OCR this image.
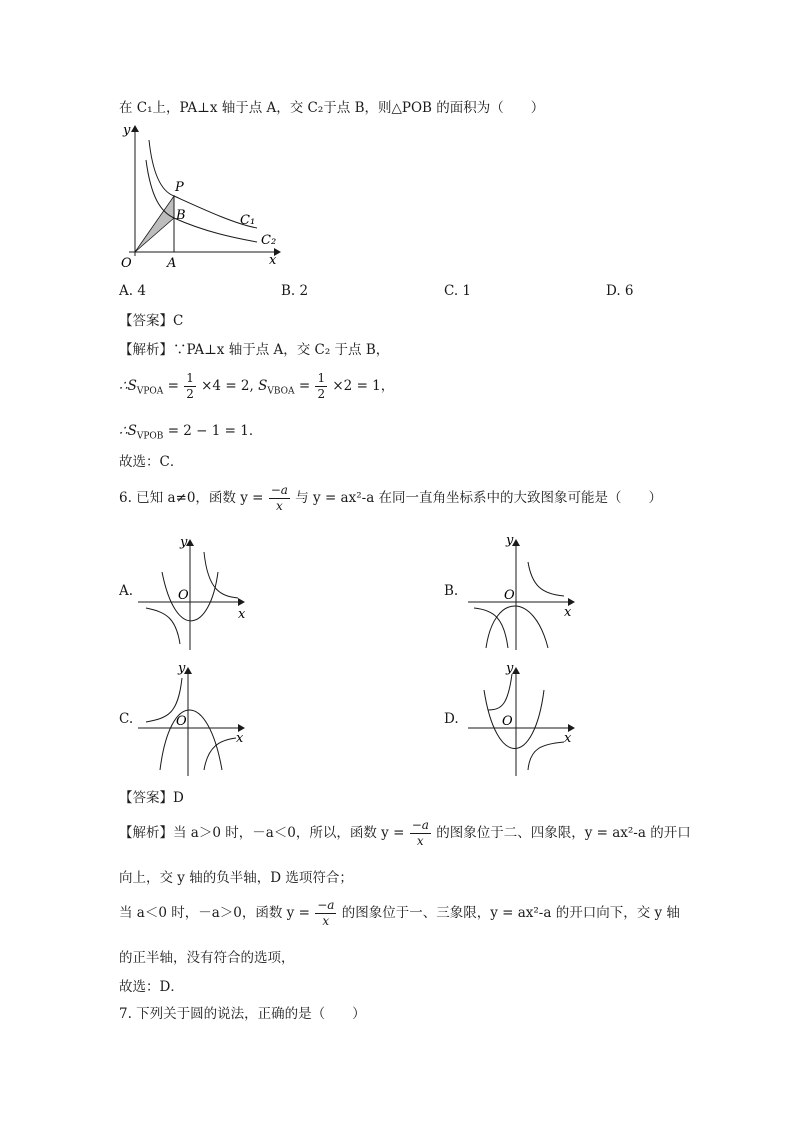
在 C₁上，PA⊥x 轴于点 A，交 C₂于点 B，则△POB 的面积为（　　）
y
x
O
P
B
A
C₁
C₂
A. 4	B. 2	C. 1	D. 6
【答案】C
【解析】∵PA⊥x 轴于点 A，交 C₂ 于点 B，
$\therefore S_{VPOA} = \frac{1}{2} \times 4 = 2$, $S_{VBOA} = \frac{1}{2} \times 2 = 1$，
$\therefore S_{VPOB} = 2 - 1 = 1$．
故选：C．
6. 已知 a≠0，函数 $y = \frac{-a}{x}$ 与 y = ax²-a 在同一直角坐标系中的大致图象可能是（　　）
A.
y
x
O	B.
y
x
O
C.
y
x
O	D.
y
x
O
【答案】D
【解析】当 a＞0 时，－a＜0，所以，函数 $y = \frac{-a}{x}$ 的图象位于二、四象限，y = ax²-a 的开口
向上，交 y 轴的负半轴，D 选项符合；
当 a＜0 时，－a＞0，函数 $y = \frac{-a}{x}$ 的图象位于一、三象限，y = ax²-a 的开口向下，交 y 轴
的正半轴，没有符合的选项，
故选：D．
7. 下列关于圆的说法，正确的是（　　）
